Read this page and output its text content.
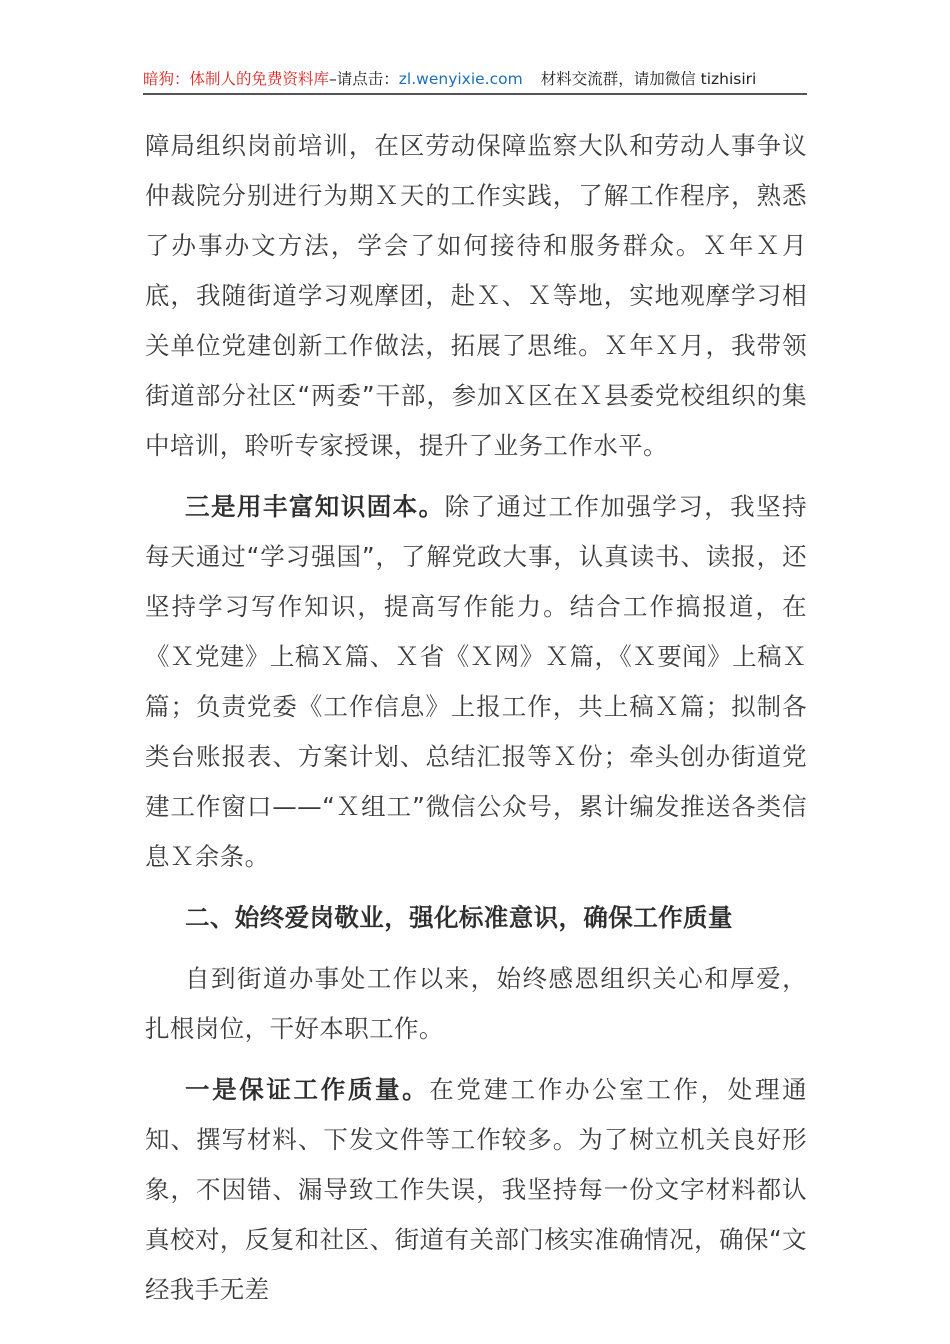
暗狗：体制人的免费资料库–请点击：zl.wenyixie.com 材料交流群，请加微信 tizhisiri

障局组织岗前培训，在区劳动保障监察大队和劳动人事争议仲裁院分别进行为期Ｘ天的工作实践，了解工作程序，熟悉了办事办文方法，学会了如何接待和服务群众。Ｘ年Ｘ月底，我随街道学习观摩团，赴Ｘ、Ｘ等地，实地观摩学习相关单位党建创新工作做法，拓展了思维。Ｘ年Ｘ月，我带领街道部分社区“两委”干部，参加Ｘ区在Ｘ县委党校组织的集中培训，聆听专家授课，提升了业务工作水平。

三是用丰富知识固本。除了通过工作加强学习，我坚持每天通过“学习强国”，了解党政大事，认真读书、读报，还坚持学习写作知识，提高写作能力。结合工作搞报道，在《Ｘ党建》上稿Ｘ篇、Ｘ省《Ｘ网》Ｘ篇，《Ｘ要闻》上稿Ｘ篇；负责党委《工作信息》上报工作，共上稿Ｘ篇；拟制各类台账报表、方案计划、总结汇报等Ｘ份；牵头创办街道党建工作窗口——“Ｘ组工”微信公众号，累计编发推送各类信息Ｘ余条。

二、始终爱岗敬业，强化标准意识，确保工作质量

自到街道办事处工作以来，始终感恩组织关心和厚爱，扎根岗位，干好本职工作。

一是保证工作质量。在党建工作办公室工作，处理通知、撰写材料、下发文件等工作较多。为了树立机关良好形象，不因错、漏导致工作失误，我坚持每一份文字材料都认真校对，反复和社区、街道有关部门核实准确情况，确保“文经我手无差
